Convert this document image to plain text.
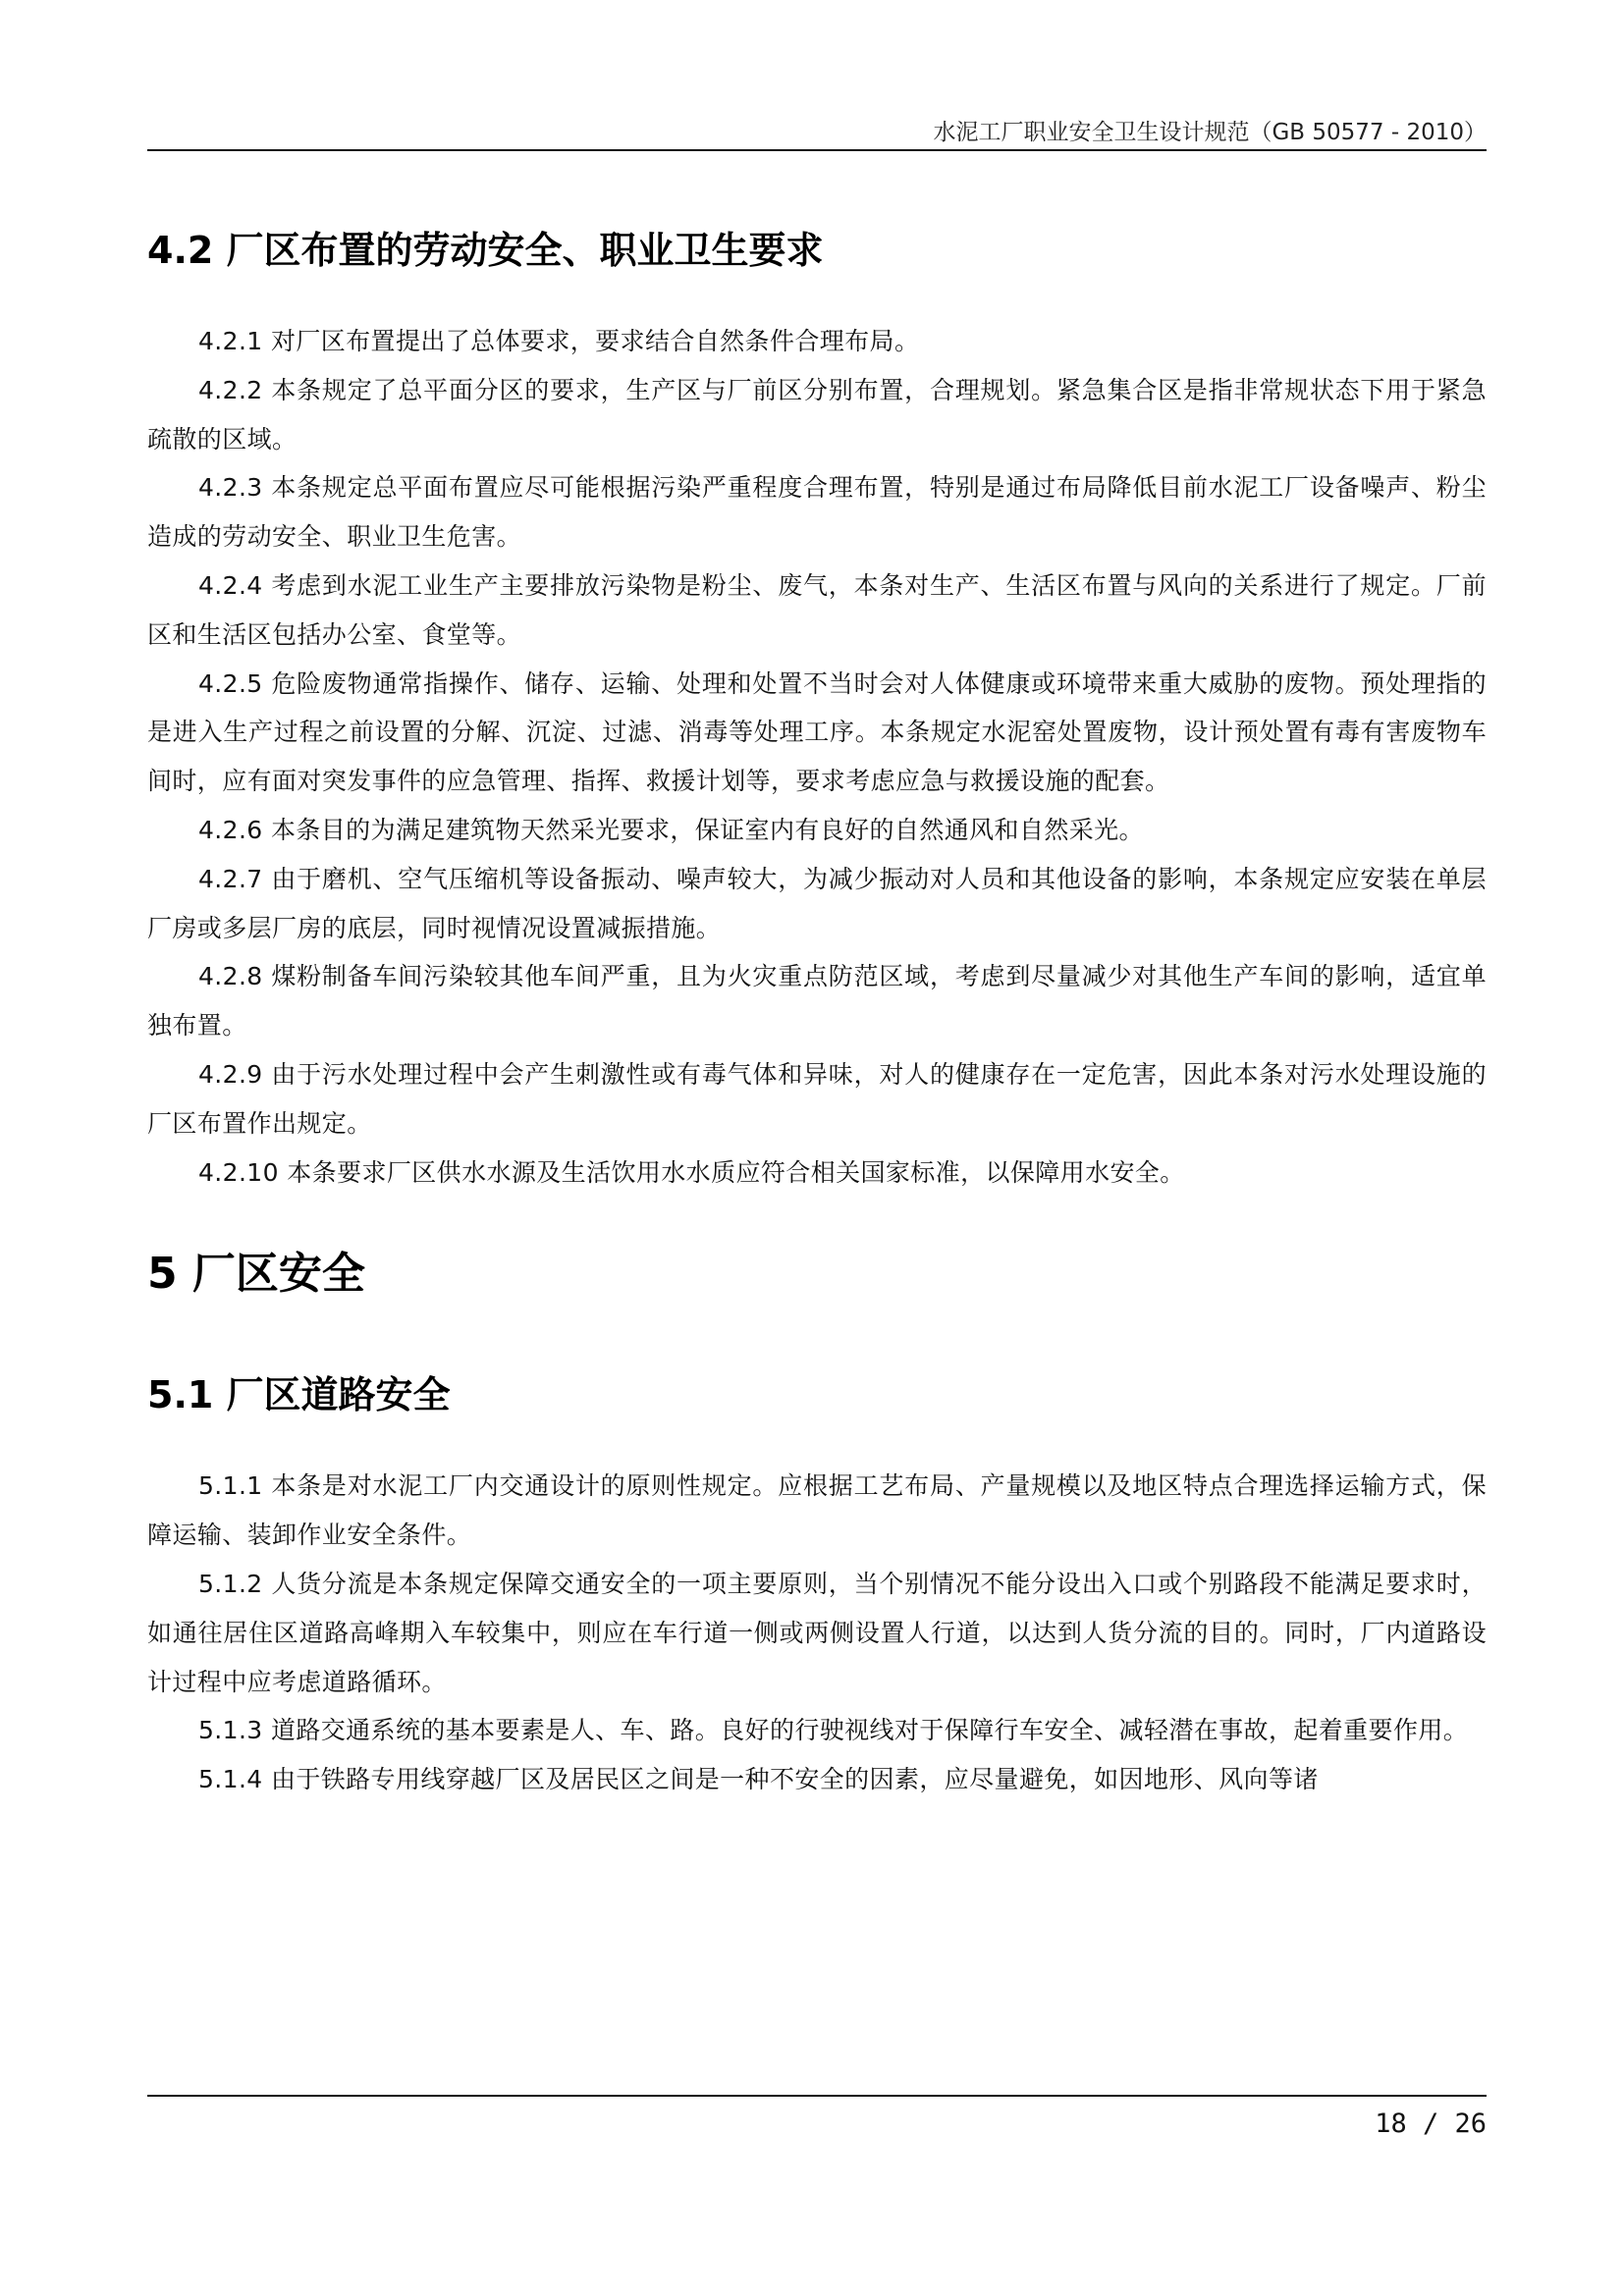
水泥工厂职业安全卫生设计规范（GB 50577 - 2010）
4.2 厂区布置的劳动安全、职业卫生要求

4.2.1 对厂区布置提出了总体要求，要求结合自然条件合理布局。

4.2.2 本条规定了总平面分区的要求，生产区与厂前区分别布置，合理规划。紧急集合区是指非常规状态下用于紧急疏散的区域。

4.2.3 本条规定总平面布置应尽可能根据污染严重程度合理布置，特别是通过布局降低目前水泥工厂设备噪声、粉尘造成的劳动安全、职业卫生危害。

4.2.4 考虑到水泥工业生产主要排放污染物是粉尘、废气，本条对生产、生活区布置与风向的关系进行了规定。厂前区和生活区包括办公室、食堂等。

4.2.5 危险废物通常指操作、储存、运输、处理和处置不当时会对人体健康或环境带来重大威胁的废物。预处理指的是进入生产过程之前设置的分解、沉淀、过滤、消毒等处理工序。本条规定水泥窑处置废物，设计预处置有毒有害废物车间时，应有面对突发事件的应急管理、指挥、救援计划等，要求考虑应急与救援设施的配套。

4.2.6 本条目的为满足建筑物天然采光要求，保证室内有良好的自然通风和自然采光。

4.2.7 由于磨机、空气压缩机等设备振动、噪声较大，为减少振动对人员和其他设备的影响，本条规定应安装在单层厂房或多层厂房的底层，同时视情况设置减振措施。

4.2.8 煤粉制备车间污染较其他车间严重，且为火灾重点防范区域，考虑到尽量减少对其他生产车间的影响，适宜单独布置。

4.2.9 由于污水处理过程中会产生刺激性或有毒气体和异味，对人的健康存在一定危害，因此本条对污水处理设施的厂区布置作出规定。

4.2.10 本条要求厂区供水水源及生活饮用水水质应符合相关国家标准，以保障用水安全。

5 厂区安全
5.1 厂区道路安全

5.1.1 本条是对水泥工厂内交通设计的原则性规定。应根据工艺布局、产量规模以及地区特点合理选择运输方式，保障运输、装卸作业安全条件。

5.1.2 人货分流是本条规定保障交通安全的一项主要原则，当个别情况不能分设出入口或个别路段不能满足要求时，如通往居住区道路高峰期入车较集中，则应在车行道一侧或两侧设置人行道，以达到人货分流的目的。同时，厂内道路设计过程中应考虑道路循环。

5.1.3 道路交通系统的基本要素是人、车、路。良好的行驶视线对于保障行车安全、减轻潜在事故，起着重要作用。

5.1.4 由于铁路专用线穿越厂区及居民区之间是一种不安全的因素，应尽量避免，如因地形、风向等诸

18 / 26
